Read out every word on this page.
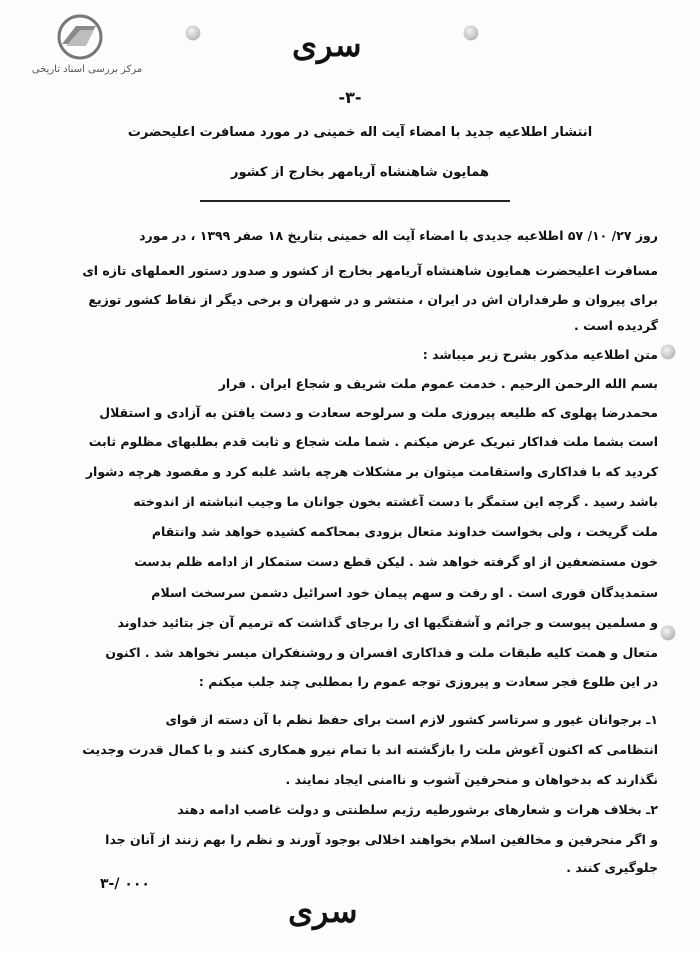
مرکز بررسی اسناد تاریخی
سری
-۳-
انتشار اطلاعیه جدید با امضاء آیت اله خمینی در مورد مسافرت اعلیحضرت
همایون شاهنشاه آریامهر بخارج از کشور
روز ۲۷/ ۱۰/ ۵۷ اطلاعیه جدیدی با امضاء آیت اله خمینی بتاریخ ۱۸ صفر ۱۳۹۹ ، در مورد
مسافرت اعلیحضرت همایون شاهنشاه آریامهر بخارج از کشور و صدور دستور العملهای تازه ای
برای پیروان و طرفداران اش در ایران ، منتشر و در شهران و برخی دیگر از نقاط کشور توزیع
گردیده است .
متن اطلاعیه مذکور بشرح زیر میباشد :
بسم الله الرحمن الرحیم . خدمت عموم ملت شریف و شجاع ایران . فرار
محمدرضا پهلوی که طلیعه پیروزی ملت و سرلوحه سعادت و دست یافتن به آزادی و استقلال
است بشما ملت فداکار تبریک عرض میکنم . شما ملت شجاع و ثابت قدم بطلبهای مظلوم ثابت
کردید که با فداکاری واستقامت میتوان بر مشکلات هرچه باشد غلبه کرد و مقصود هرچه دشوار
باشد رسید . گرچه این ستمگر با دست آغشته بخون جوانان ما وجیب انباشته از اندوخته
ملت گریخت ، ولی بخواست خداوند متعال بزودی بمحاکمه کشیده خواهد شد وانتقام
خون مستضعفین از او گرفته خواهد شد . لیکن قطع دست ستمکار از ادامه ظلم بدست
ستمدیدگان فوری است . او رفت و سهم پیمان خود اسرائیل دشمن سرسخت اسلام
و مسلمین پیوست و جرائم و آشفتگیها ای را برجای گذاشت که ترمیم آن جز بتائید خداوند
متعال و همت کلیه طبقات ملت و فداکاری افسران و روشنفکران میسر نخواهد شد . اکنون
در این طلوع فجر سعادت و پیروزی توجه عموم را بمطلبی چند جلب میکنم :
۱ـ برجوانان غیور و سرتاسر کشور لازم است برای حفظ نظم با آن دسته از قوای
انتظامی که اکنون آغوش ملت را بازگشته اند با تمام نیرو همکاری کنند و با کمال قدرت وجدیت
نگذارند که بدخواهان و منحرفین آشوب و ناامنی ایجاد نمایند .
۲ـ بخلاف هرات و شعارهای برشورطیه رژیم سلطنتی و دولت غاصب ادامه دهند
و اگر منحرفین و مخالفین اسلام بخواهند اخلالی بوجود آورند و نظم را بهم زنند از آنان جدا
جلوگیری کنند .
۳-/ ۰۰۰
سری
